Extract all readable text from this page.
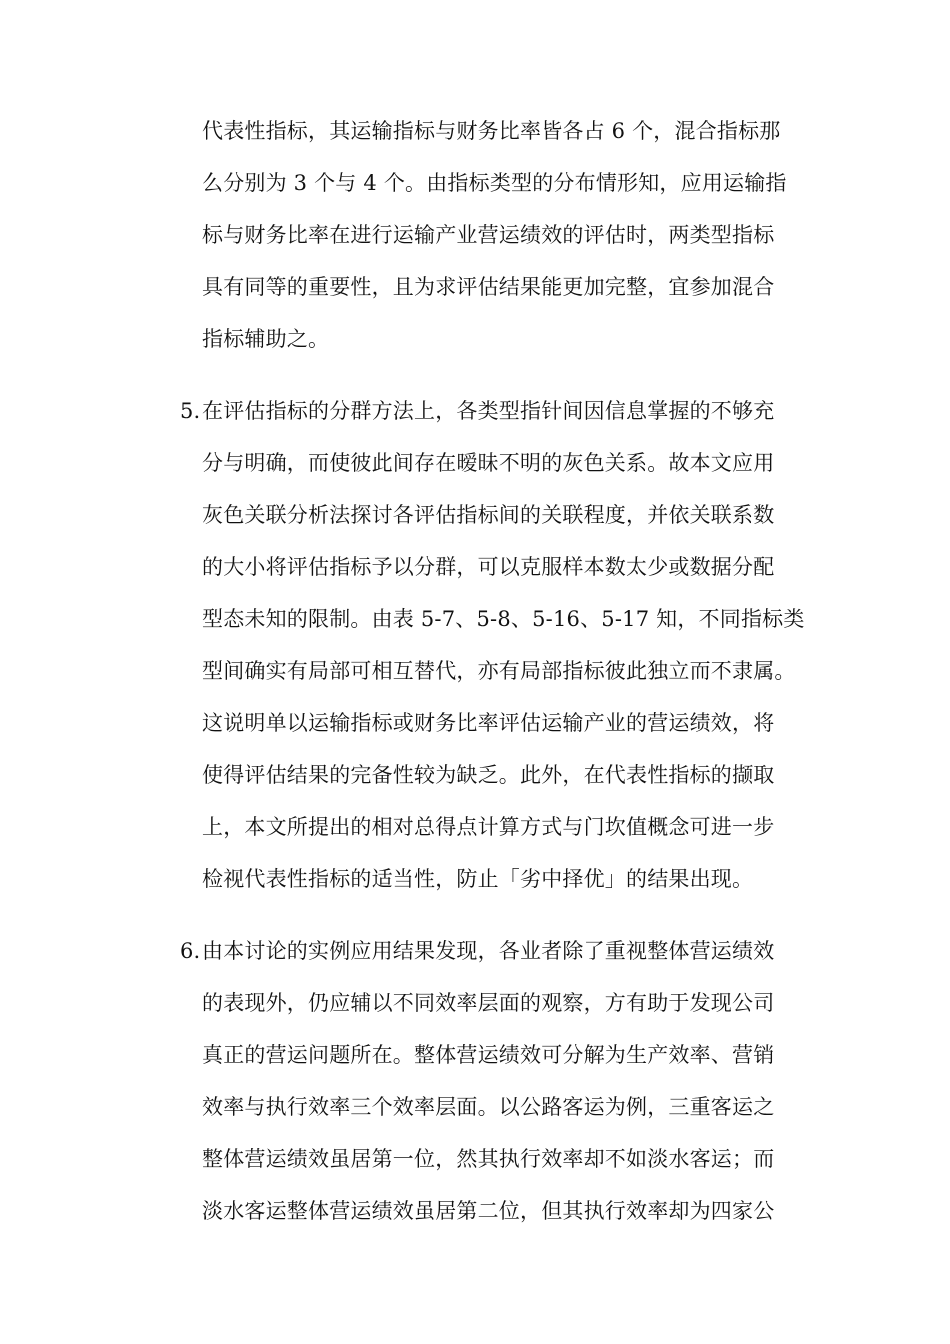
代表性指标，其运输指标与财务比率皆各占 6 个，混合指标那
么分别为 3 个与 4 个。由指标类型的分布情形知，应用运输指
标与财务比率在进行运输产业营运绩效的评估时，两类型指标
具有同等的重要性，且为求评估结果能更加完整，宜参加混合
指标辅助之。
5. 在评估指标的分群方法上，各类型指针间因信息掌握的不够充
分与明确，而使彼此间存在暧昧不明的灰色关系。故本文应用
灰色关联分析法探讨各评估指标间的关联程度，并依关联系数
的大小将评估指标予以分群，可以克服样本数太少或数据分配
型态未知的限制。由表 5-7、5-8、5-16、5-17 知，不同指标类
型间确实有局部可相互替代，亦有局部指标彼此独立而不隶属。
这说明单以运输指标或财务比率评估运输产业的营运绩效，将
使得评估结果的完备性较为缺乏。此外，在代表性指标的撷取
上，本文所提出的相对总得点计算方式与门坎值概念可进一步
检视代表性指标的适当性，防止「劣中择优」的结果出现。
6. 由本讨论的实例应用结果发现，各业者除了重视整体营运绩效
的表现外，仍应辅以不同效率层面的观察，方有助于发现公司
真正的营运问题所在。整体营运绩效可分解为生产效率、营销
效率与执行效率三个效率层面。以公路客运为例，三重客运之
整体营运绩效虽居第一位，然其执行效率却不如淡水客运；而
淡水客运整体营运绩效虽居第二位，但其执行效率却为四家公
